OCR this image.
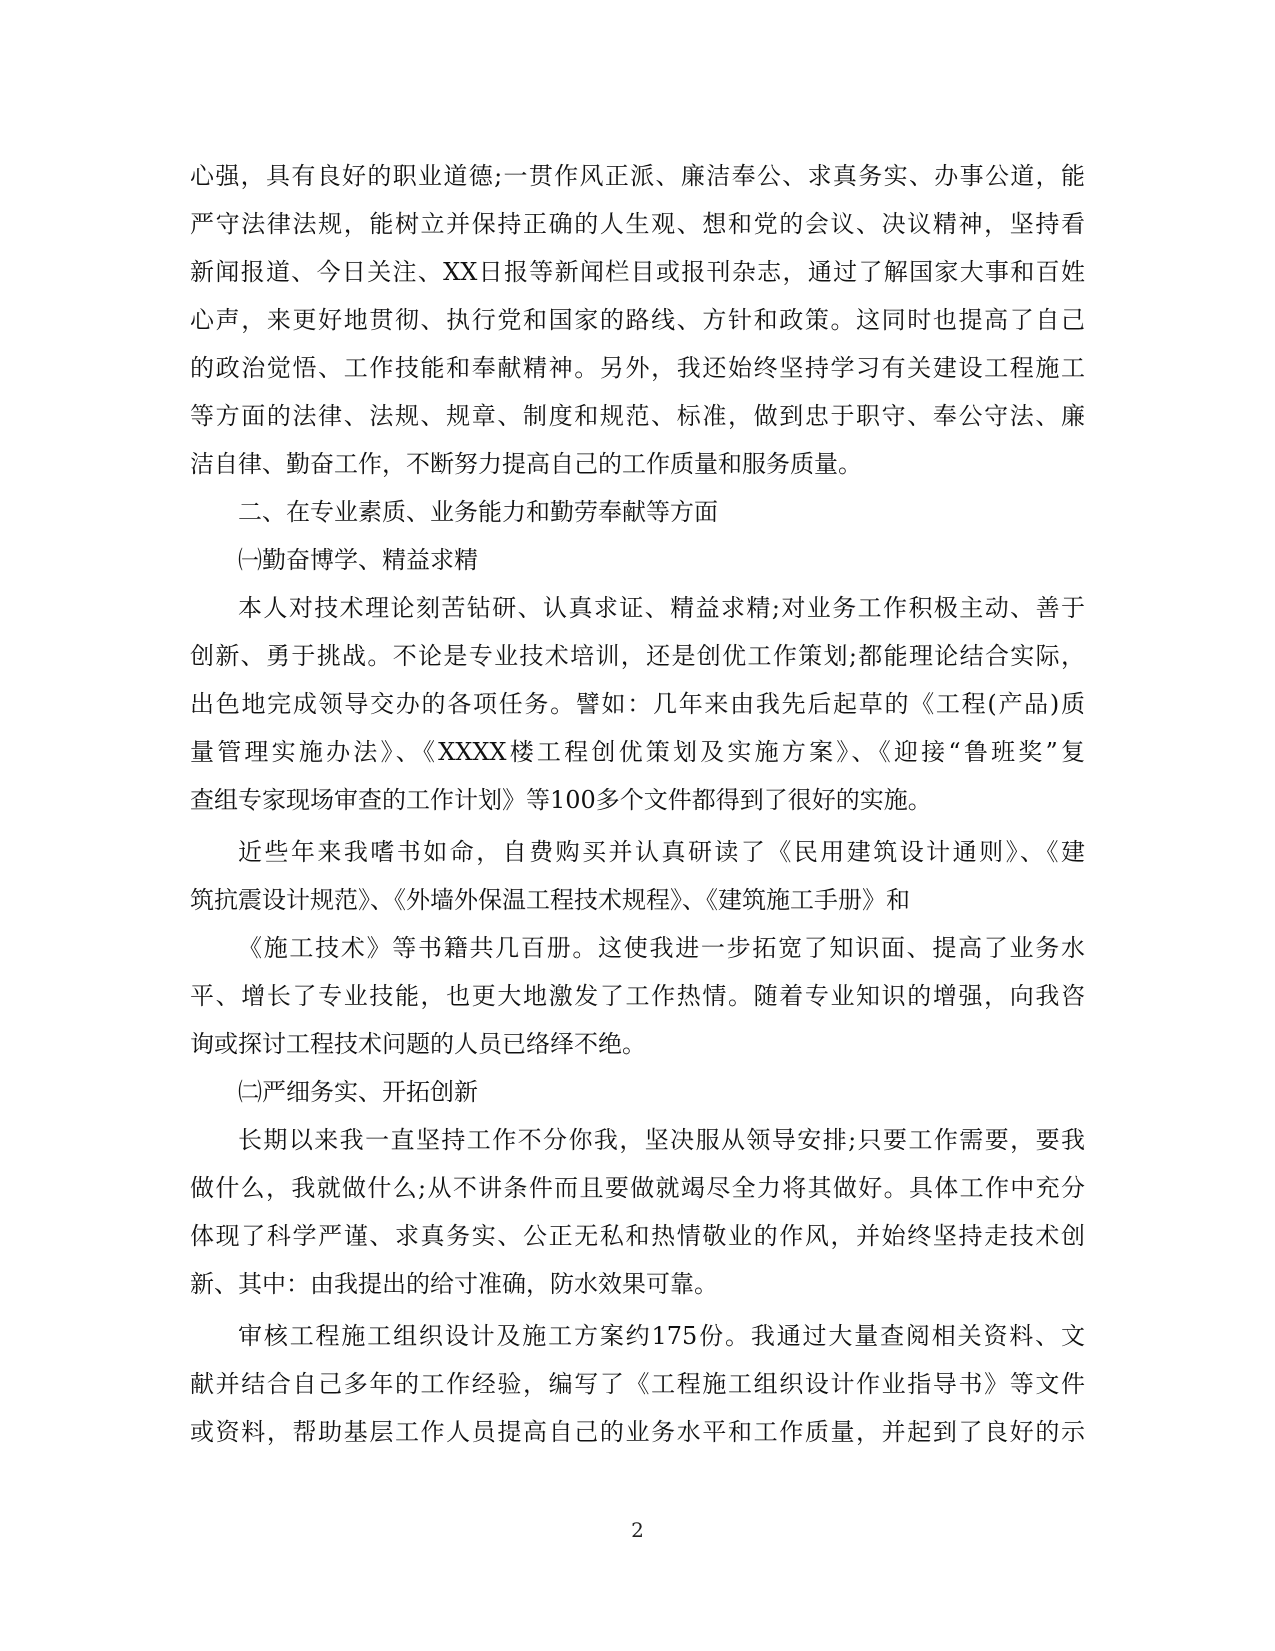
心强，具有良好的职业道德;一贯作风正派、廉洁奉公、求真务实、办事公道，能
严守法律法规，能树立并保持正确的人生观、想和党的会议、决议精神，坚持看
新闻报道、今日关注、XX日报等新闻栏目或报刊杂志，通过了解国家大事和百姓
心声，来更好地贯彻、执行党和国家的路线、方针和政策。这同时也提高了自己
的政治觉悟、工作技能和奉献精神。另外，我还始终坚持学习有关建设工程施工
等方面的法律、法规、规章、制度和规范、标准，做到忠于职守、奉公守法、廉
洁自律、勤奋工作，不断努力提高自己的工作质量和服务质量。
二、在专业素质、业务能力和勤劳奉献等方面
㈠勤奋博学、精益求精
本人对技术理论刻苦钻研、认真求证、精益求精;对业务工作积极主动、善于
创新、勇于挑战。不论是专业技术培训，还是创优工作策划;都能理论结合实际，
出色地完成领导交办的各项任务。譬如：几年来由我先后起草的《工程(产品)质
量管理实施办法》、《XXXX楼工程创优策划及实施方案》、《迎接“鲁班奖”复
查组专家现场审查的工作计划》等100多个文件都得到了很好的实施。
近些年来我嗜书如命，自费购买并认真研读了《民用建筑设计通则》、《建
筑抗震设计规范》、《外墙外保温工程技术规程》、《建筑施工手册》和
《施工技术》等书籍共几百册。这使我进一步拓宽了知识面、提高了业务水
平、增长了专业技能，也更大地激发了工作热情。随着专业知识的增强，向我咨
询或探讨工程技术问题的人员已络绎不绝。
㈡严细务实、开拓创新
长期以来我一直坚持工作不分你我，坚决服从领导安排;只要工作需要，要我
做什么，我就做什么;从不讲条件而且要做就竭尽全力将其做好。具体工作中充分
体现了科学严谨、求真务实、公正无私和热情敬业的作风，并始终坚持走技术创
新、其中：由我提出的给寸准确，防水效果可靠。
审核工程施工组织设计及施工方案约175份。我通过大量查阅相关资料、文
献并结合自己多年的工作经验，编写了《工程施工组织设计作业指导书》等文件
或资料，帮助基层工作人员提高自己的业务水平和工作质量，并起到了良好的示
2
